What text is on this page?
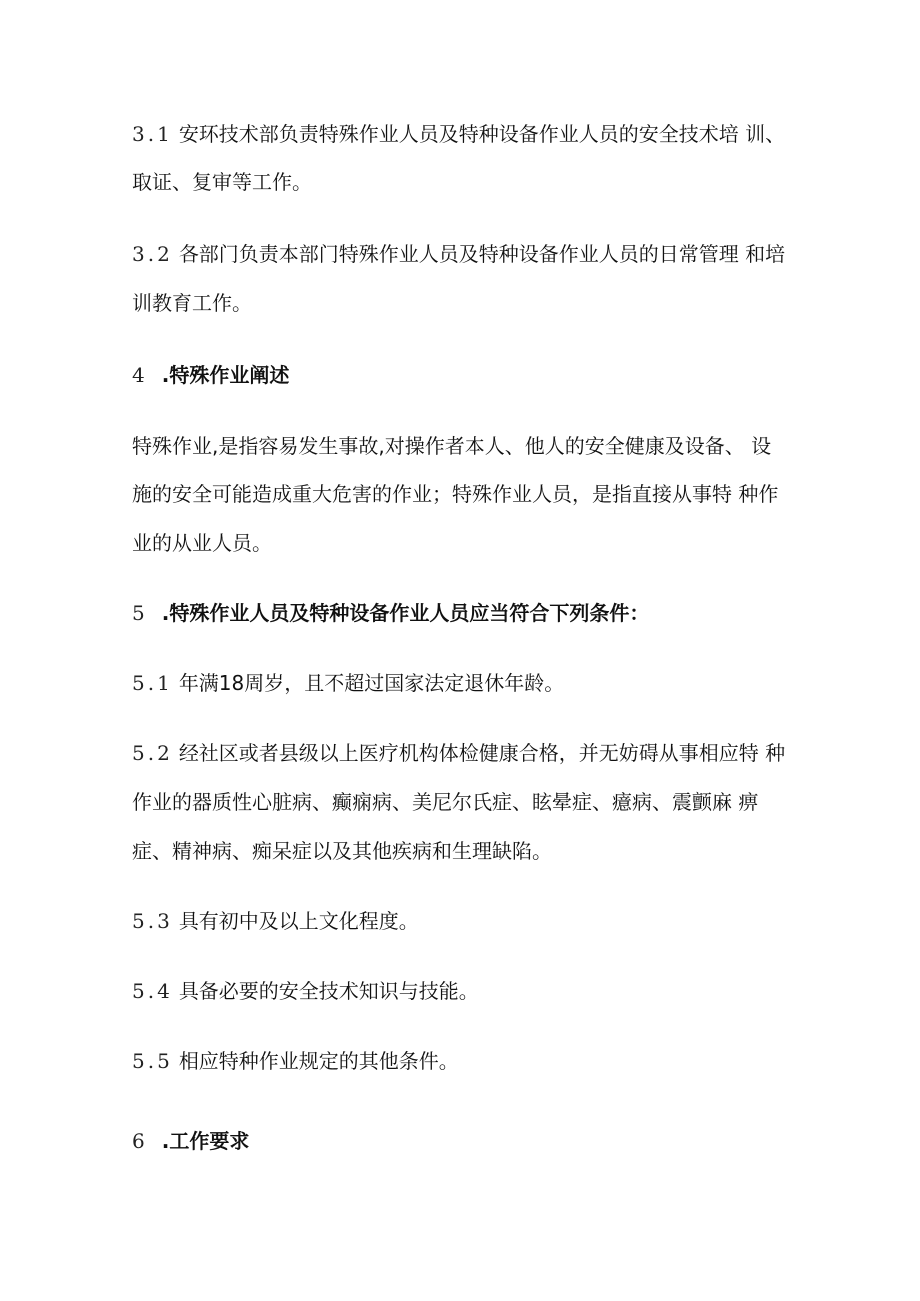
3.1 安环技术部负责特殊作业人员及特种设备作业人员的安全技术培 训、
取证、复审等工作。
3.2 各部门负责本部门特殊作业人员及特种设备作业人员的日常管理 和培
训教育工作。
4 .特殊作业阐述
特殊作业,是指容易发生事故,对操作者本人、他人的安全健康及设备、 设
施的安全可能造成重大危害的作业；特殊作业人员，是指直接从事特 种作
业的从业人员。
5 .特殊作业人员及特种设备作业人员应当符合下列条件：
5.1 年满18周岁，且不超过国家法定退休年龄。
5.2 经社区或者县级以上医疗机构体检健康合格，并无妨碍从事相应特 种
作业的器质性心脏病、癫痫病、美尼尔氏症、眩晕症、癔病、震颤麻 痹
症、精神病、痴呆症以及其他疾病和生理缺陷。
5.3 具有初中及以上文化程度。
5.4 具备必要的安全技术知识与技能。
5.5 相应特种作业规定的其他条件。
6 .工作要求
